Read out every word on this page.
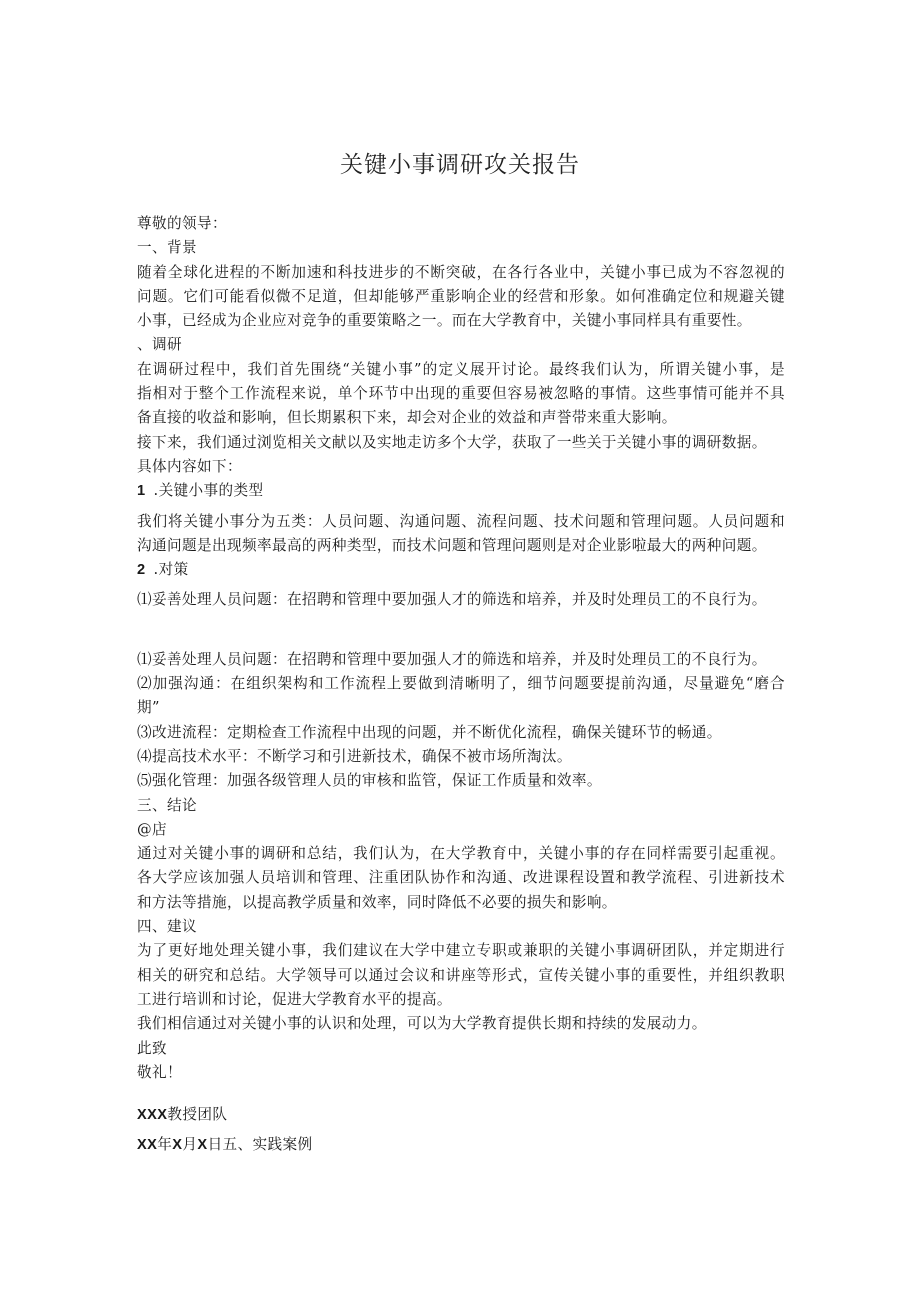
关键小事调研攻关报告
尊敬的领导：
一、背景
随着全球化进程的不断加速和科技进步的不断突破，在各行各业中，关键小事已成为不容忽视的
问题。它们可能看似微不足道，但却能够严重影响企业的经营和形象。如何准确定位和规避关键
小事，已经成为企业应对竞争的重要策略之一。而在大学教育中，关键小事同样具有重要性。
、调研
在调研过程中，我们首先围绕“关键小事”的定义展开讨论。最终我们认为，所谓关键小事，是
指相对于整个工作流程来说，单个环节中出现的重要但容易被忽略的事情。这些事情可能并不具
备直接的收益和影响，但长期累积下来，却会对企业的效益和声誉带来重大影响。
接下来，我们通过浏览相关文献以及实地走访多个大学，获取了一些关于关键小事的调研数据。
具体内容如下：
1 .关键小事的类型
我们将关键小事分为五类：人员问题、沟通问题、流程问题、技术问题和管理问题。人员问题和
沟通问题是出现频率最高的两种类型，而技术问题和管理问题则是对企业影啦最大的两种问题。
2 .对策
⑴妥善处理人员问题：在招聘和管理中要加强人才的筛选和培养，并及时处理员工的不良行为。
⑴妥善处理人员问题：在招聘和管理中要加强人才的筛选和培养，并及时处理员工的不良行为。
⑵加强沟通：在组织架构和工作流程上要做到清晰明了，细节问题要提前沟通，尽量避免“磨合
期”
⑶改进流程：定期检查工作流程中出现的问题，并不断优化流程，确保关键环节的畅通。
⑷提高技术水平：不断学习和引进新技术，确保不被市场所淘汰。
⑸强化管理：加强各级管理人员的审核和监管，保证工作质量和效率。
三、结论
@店
通过对关键小事的调研和总结，我们认为，在大学教育中，关键小事的存在同样需要引起重视。
各大学应该加强人员培训和管理、注重团队协作和沟通、改进课程设置和教学流程、引进新技术
和方法等措施，以提高教学质量和效率，同时降低不必要的损失和影响。
四、建议
为了更好地处理关键小事，我们建议在大学中建立专职或兼职的关键小事调研团队，并定期进行
相关的研究和总结。大学领导可以通过会议和讲座等形式，宣传关键小事的重要性，并组织教职
工进行培训和讨论，促进大学教育水平的提高。
我们相信通过对关键小事的认识和处理，可以为大学教育提供长期和持续的发展动力。
此致
敬礼！
XXX教授团队
XX年X月X日五、实践案例
